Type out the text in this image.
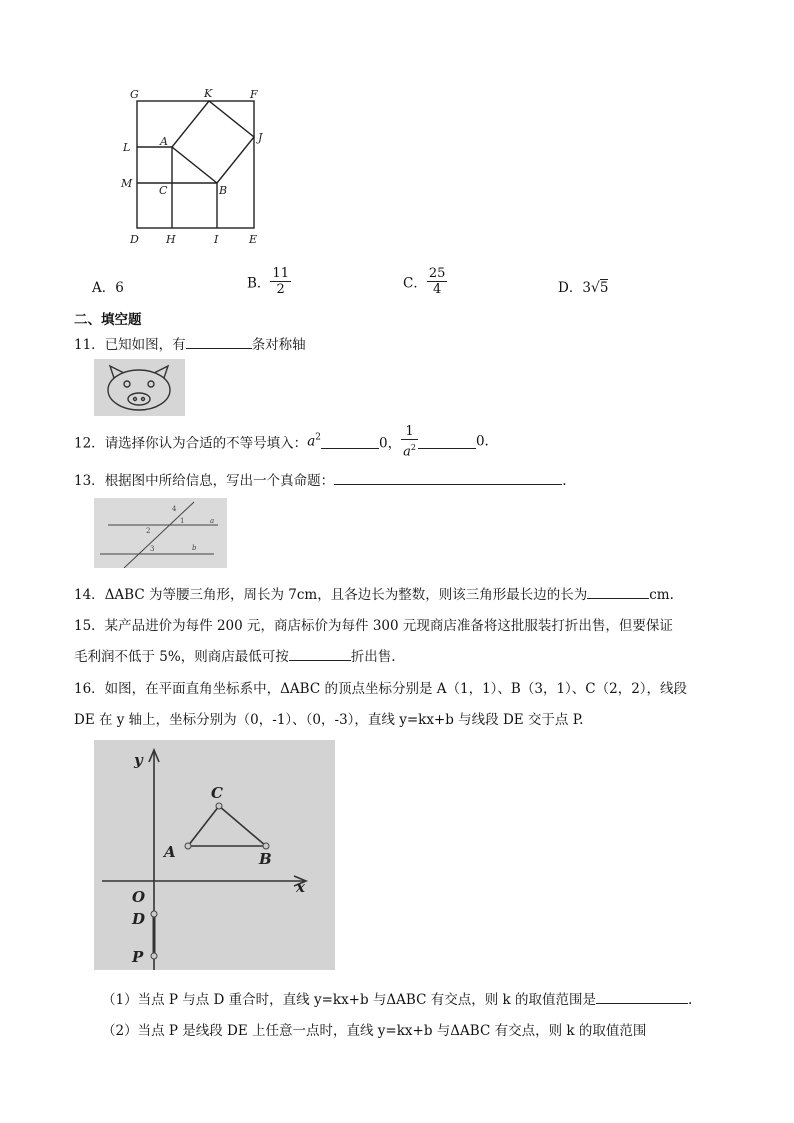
G	K	F
J
L	A
M
C	B
D H	I	E
A．6	B． $\frac{11}{2}$	C． $\frac{25}{4}$	D．3√5
二、填空题
11．已知如图，有	条对称轴
12．请选择你认为合适的不等号填入：$a^2$	0， $\frac{1}{a^2}$	0.
13．根据图中所给信息，写出一个真命题：	.
4
1
2
3
a
b
14．ΔABC 为等腰三角形，周长为 7cm，且各边长为整数，则该三角形最长边的长为	cm.
15．某产品进价为每件 200 元，商店标价为每件 300 元现商店准备将这批服装打折出售，但要保证
毛利润不低于 5%，则商店最低可按	折出售.
16．如图，在平面直角坐标系中，ΔABC 的顶点坐标分别是 A（1，1）、B（3，1）、C（2，2），线段
DE 在 y 轴上，坐标分别为（0，-1）、（0，-3），直线 y=kx+b 与线段 DE 交于点 P.
y
x
O
A	B
C
D
P
（1）当点 P 与点 D 重合时，直线 y=kx+b 与ΔABC 有交点，则 k 的取值范围是	.
（2）当点 P 是线段 DE 上任意一点时，直线 y=kx+b 与ΔABC 有交点，则 k 的取值范围
